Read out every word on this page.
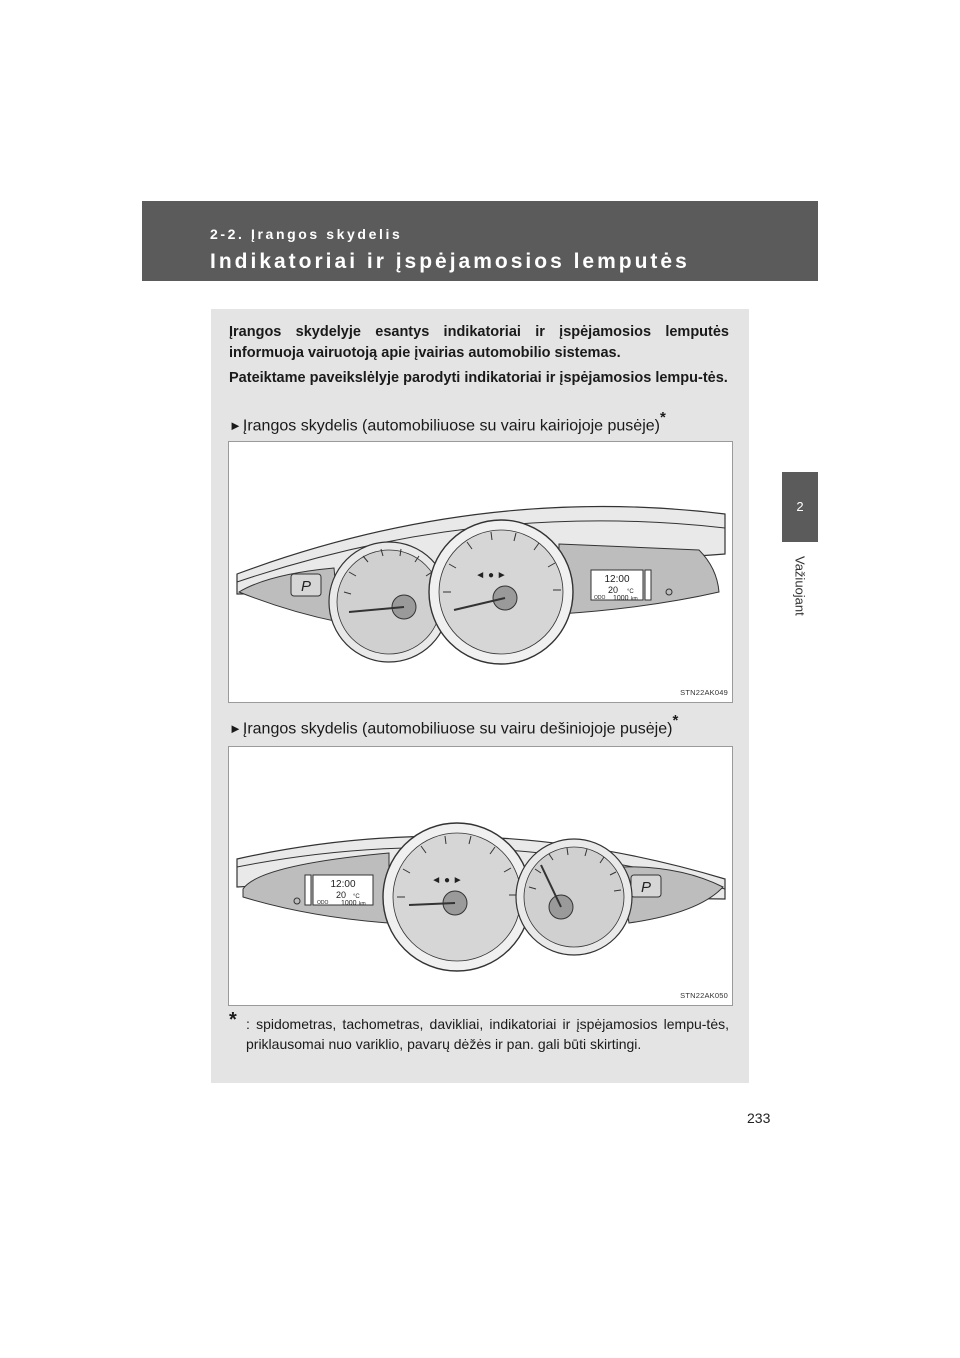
2-2. Įrangos skydelis
Indikatoriai ir įspėjamosios lemputės
2
Važiuojant

Įrangos skydelyje esantys indikatoriai ir įspėjamosios lemputės informuoja vairuotoją apie įvairias automobilio sistemas.

Pateiktame paveikslėlyje parodyti indikatoriai ir įspėjamosios lempu-tės.

►Įrangos skydelis (automobiliuose su vairu kairiojoje pusėje)*
P
◄ ● ►	12:00
20 °C
ODO 1000 km
STN22AK049
►Įrangos skydelis (automobiliuose su vairu dešiniojoje pusėje)*
P
12:00
20 °C
ODO 1000 km
◄ ● ►
STN22AK050
* : spidometras, tachometras, davikliai, indikatoriai ir įspėjamosios lempu-tės, priklausomai nuo variklio, pavarų dėžės ir pan. gali būti skirtingi.
233
